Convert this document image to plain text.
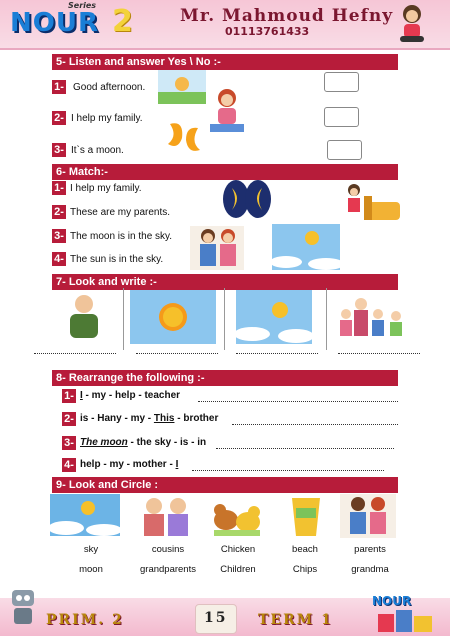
Series
NOUR 2	Mr. Mahmoud Hefny
01113761433
5- Listen and answer Yes \ No :-
1- Good afternoon.
2- I help my family.
3- It`s a moon.
6- Match:-
1- I help my family.
2- These are my parents.
3- The moon is in the sky.
4- The sun is in the sky.
7- Look and write :-
8- Rearrange the following :-
1- I - my - help - teacher
2- is - Hany - my - This - brother
3- The moon - the sky - is - in
4- help - my - mother - I
9- Look and Circle :
sky
moon
cousins
grandparents
Chicken
Children
beach
Chips
parents
grandma
PRIM. 2	15 TERM 1
NOUR
